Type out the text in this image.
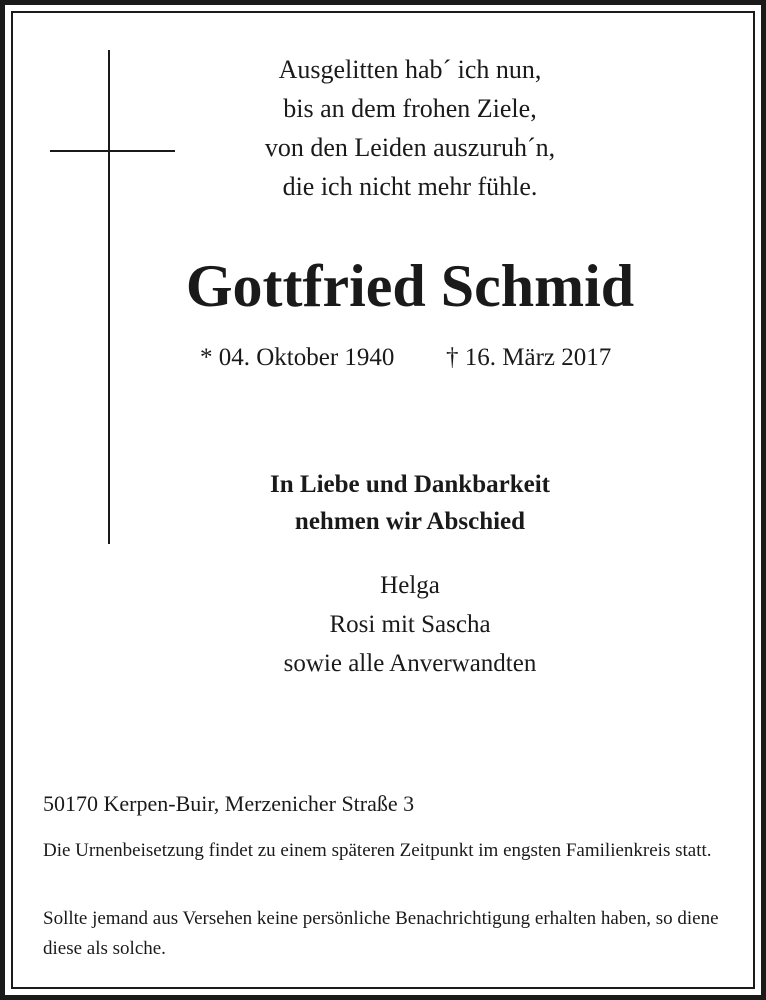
Ausgelitten hab´ ich nun,
bis an dem frohen Ziele,
von den Leiden auszuruh´n,
die ich nicht mehr fühle.
Gottfried Schmid
* 04. Oktober 1940 † 16. März 2017
In Liebe und Dankbarkeit
nehmen wir Abschied
Helga
Rosi mit Sascha
sowie alle Anverwandten
50170 Kerpen-Buir, Merzenicher Straße 3
Die Urnenbeisetzung findet zu einem späteren Zeitpunkt im engsten Familienkreis statt.
Sollte jemand aus Versehen keine persönliche Benachrichtigung erhalten haben, so diene diese als solche.
